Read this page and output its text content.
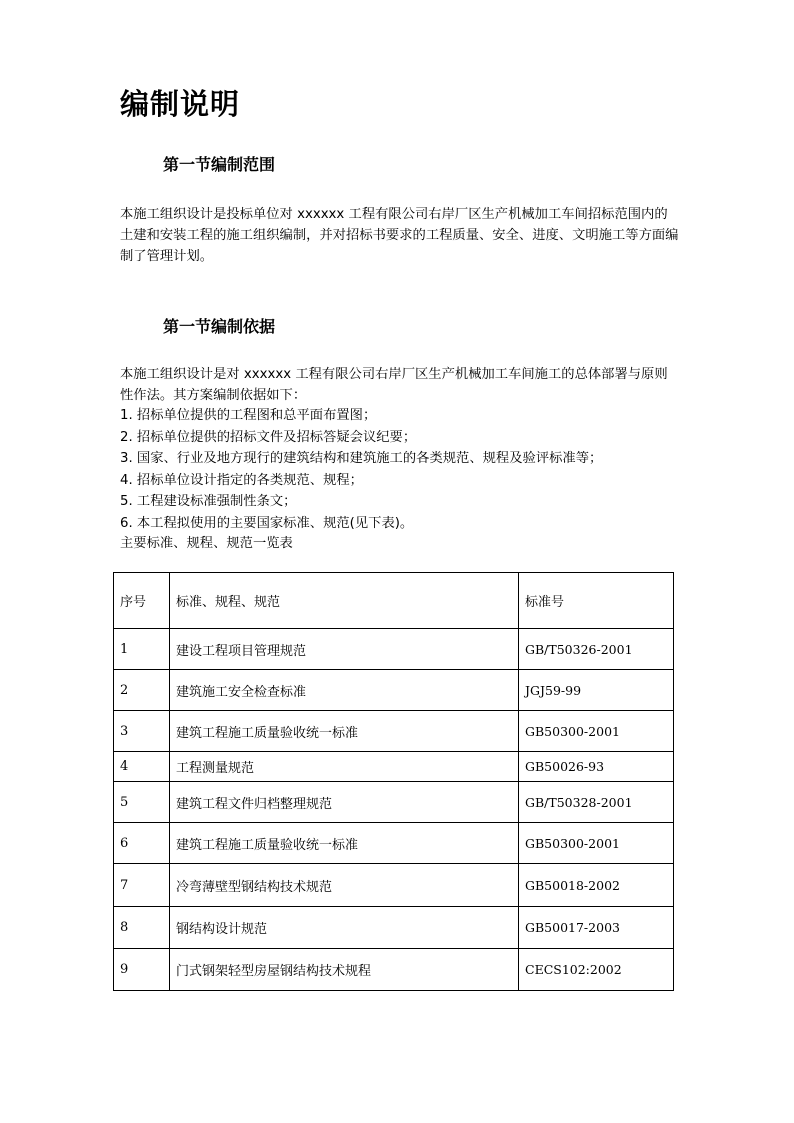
编制说明
第一节编制范围

本施工组织设计是投标单位对 xxxxxx 工程有限公司右岸厂区生产机械加工车间招标范围内的土建和安装工程的施工组织编制，并对招标书要求的工程质量、安全、进度、文明施工等方面编制了管理计划。

第一节编制依据

本施工组织设计是对 xxxxxx 工程有限公司右岸厂区生产机械加工车间施工的总体部署与原则性作法。其方案编制依据如下：

1. 招标单位提供的工程图和总平面布置图；
2. 招标单位提供的招标文件及招标答疑会议纪要；
3. 国家、行业及地方现行的建筑结构和建筑施工的各类规范、规程及验评标准等；
4. 招标单位设计指定的各类规范、规程；
5. 工程建设标准强制性条文；
6. 本工程拟使用的主要国家标准、规范(见下表)。

主要标准、规程、规范一览表

序号	标准、规程、规范	标准号
1	建设工程项目管理规范	GB/T50326-2001
2	建筑施工安全检查标准	JGJ59-99
3	建筑工程施工质量验收统一标准	GB50300-2001
4	工程测量规范	GB50026-93
5	建筑工程文件归档整理规范	GB/T50328-2001
6	建筑工程施工质量验收统一标准	GB50300-2001
7	冷弯薄壁型钢结构技术规范	GB50018-2002
8	钢结构设计规范	GB50017-2003
9	门式钢架轻型房屋钢结构技术规程	CECS102:2002
